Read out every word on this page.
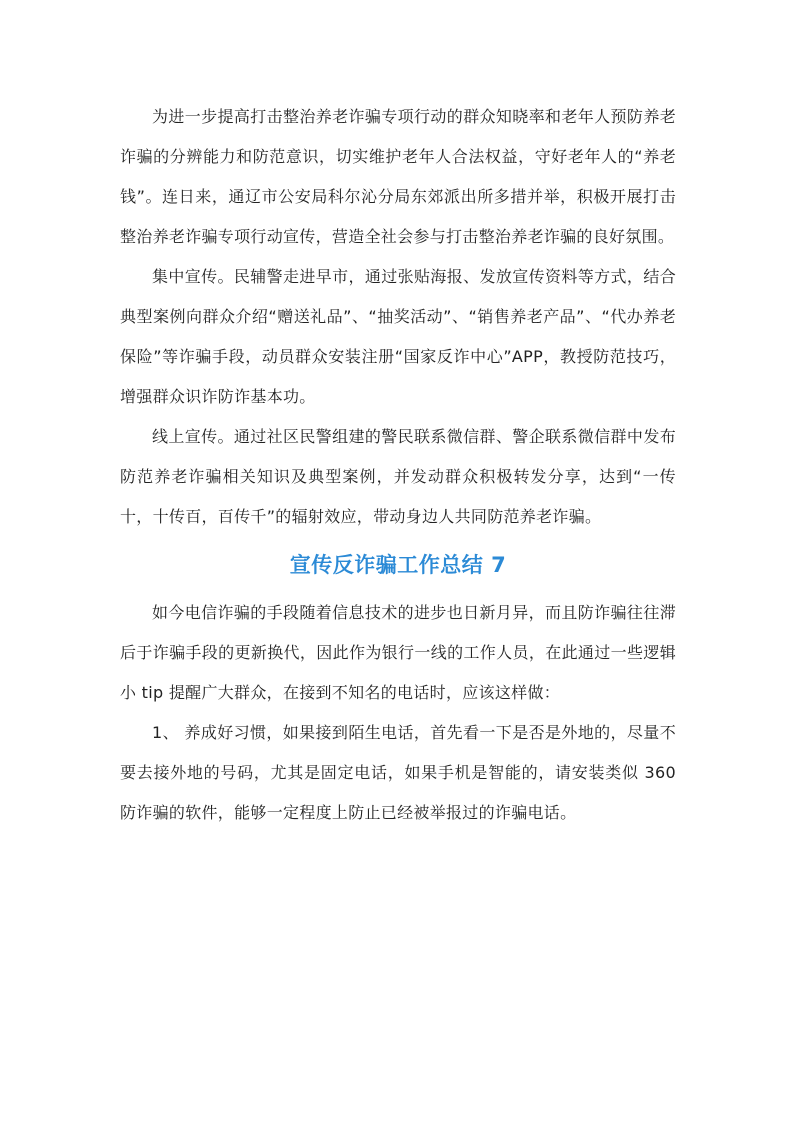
为进一步提高打击整治养老诈骗专项行动的群众知晓率和老年人预防养老诈骗的分辨能力和防范意识，切实维护老年人合法权益，守好老年人的“养老钱”。连日来，通辽市公安局科尔沁分局东郊派出所多措并举，积极开展打击整治养老诈骗专项行动宣传，营造全社会参与打击整治养老诈骗的良好氛围。

集中宣传。民辅警走进早市，通过张贴海报、发放宣传资料等方式，结合典型案例向群众介绍“赠送礼品”、“抽奖活动”、“销售养老产品”、“代办养老保险”等诈骗手段，动员群众安装注册“国家反诈中心”APP，教授防范技巧，增强群众识诈防诈基本功。

线上宣传。通过社区民警组建的警民联系微信群、警企联系微信群中发布防范养老诈骗相关知识及典型案例，并发动群众积极转发分享，达到“一传十，十传百，百传千”的辐射效应，带动身边人共同防范养老诈骗。

宣传反诈骗工作总结 7

如今电信诈骗的手段随着信息技术的进步也日新月异，而且防诈骗往往滞后于诈骗手段的更新换代，因此作为银行一线的工作人员，在此通过一些逻辑小 tip 提醒广大群众，在接到不知名的电话时，应该这样做：

1、 养成好习惯，如果接到陌生电话，首先看一下是否是外地的，尽量不要去接外地的号码，尤其是固定电话，如果手机是智能的，请安装类似 360 防诈骗的软件，能够一定程度上防止已经被举报过的诈骗电话。
